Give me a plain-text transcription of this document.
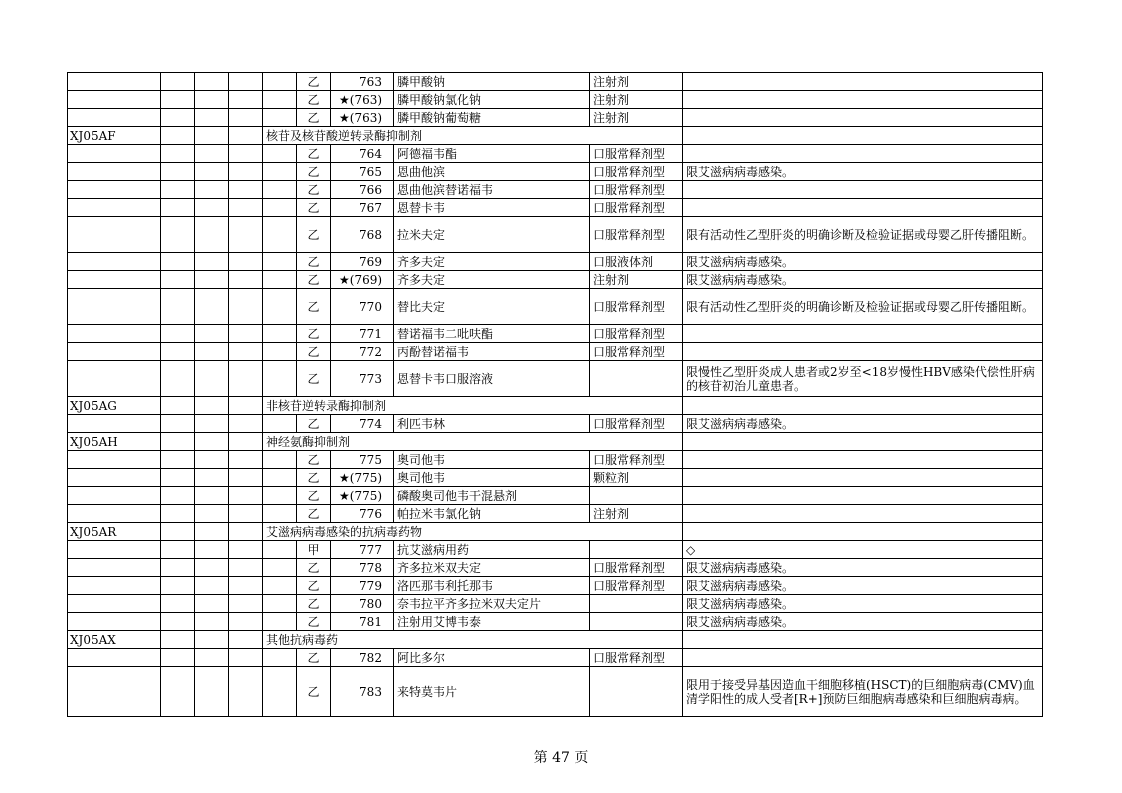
					乙	763	膦甲酸钠	注射剂	
					乙	★(763)	膦甲酸钠氯化钠	注射剂	
					乙	★(763)	膦甲酸钠葡萄糖	注射剂	
XJ05AF				核苷及核苷酸逆转录酶抑制剂					
					乙	764	阿德福韦酯	口服常释剂型	
					乙	765	恩曲他滨	口服常释剂型	限艾滋病病毒感染。
					乙	766	恩曲他滨替诺福韦	口服常释剂型	
					乙	767	恩替卡韦	口服常释剂型	
					乙	768	拉米夫定	口服常释剂型	限有活动性乙型肝炎的明确诊断及检验证据或母婴乙肝传播阻断。
					乙	769	齐多夫定	口服液体剂	限艾滋病病毒感染。
					乙	★(769)	齐多夫定	注射剂	限艾滋病病毒感染。
					乙	770	替比夫定	口服常释剂型	限有活动性乙型肝炎的明确诊断及检验证据或母婴乙肝传播阻断。
					乙	771	替诺福韦二吡呋酯	口服常释剂型	
					乙	772	丙酚替诺福韦	口服常释剂型	
					乙	773	恩替卡韦口服溶液		限慢性乙型肝炎成人患者或2岁至<18岁慢性HBV感染代偿性肝病的核苷初治儿童患者。
XJ05AG				非核苷逆转录酶抑制剂					
					乙	774	利匹韦林	口服常释剂型	限艾滋病病毒感染。
XJ05AH				神经氨酶抑制剂					
					乙	775	奥司他韦	口服常释剂型	
					乙	★(775)	奥司他韦	颗粒剂	
					乙	★(775)	磷酸奥司他韦干混悬剂		
					乙	776	帕拉米韦氯化钠	注射剂	
XJ05AR				艾滋病病毒感染的抗病毒药物					
					甲	777	抗艾滋病用药		◇
					乙	778	齐多拉米双夫定	口服常释剂型	限艾滋病病毒感染。
					乙	779	洛匹那韦利托那韦	口服常释剂型	限艾滋病病毒感染。
					乙	780	奈韦拉平齐多拉米双夫定片		限艾滋病病毒感染。
					乙	781	注射用艾博韦泰		限艾滋病病毒感染。
XJ05AX				其他抗病毒药					
					乙	782	阿比多尔	口服常释剂型	
					乙	783	来特莫韦片		限用于接受异基因造血干细胞移植(HSCT)的巨细胞病毒(CMV)血清学阳性的成人受者[R+]预防巨细胞病毒感染和巨细胞病毒病。
第 47 页
